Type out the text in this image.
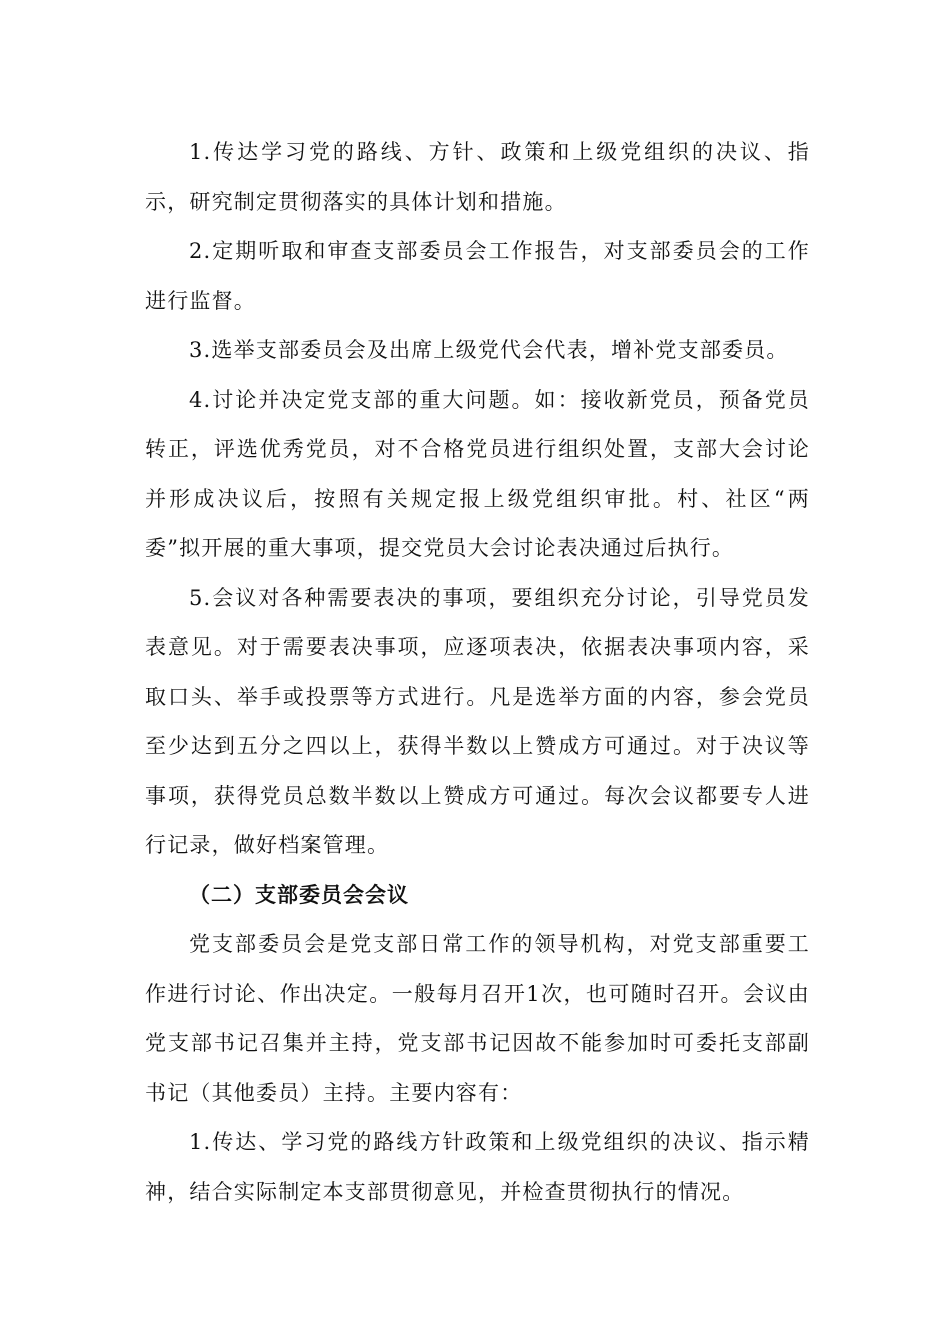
1.传达学习党的路线、方针、政策和上级党组织的决议、指示，研究制定贯彻落实的具体计划和措施。

2.定期听取和审查支部委员会工作报告，对支部委员会的工作进行监督。

3.选举支部委员会及出席上级党代会代表，增补党支部委员。

4.讨论并决定党支部的重大问题。如：接收新党员，预备党员转正，评选优秀党员，对不合格党员进行组织处置，支部大会讨论并形成决议后，按照有关规定报上级党组织审批。村、社区“两委”拟开展的重大事项，提交党员大会讨论表决通过后执行。

5.会议对各种需要表决的事项，要组织充分讨论，引导党员发表意见。对于需要表决事项，应逐项表决，依据表决事项内容，采取口头、举手或投票等方式进行。凡是选举方面的内容，参会党员至少达到五分之四以上，获得半数以上赞成方可通过。对于决议等事项，获得党员总数半数以上赞成方可通过。每次会议都要专人进行记录，做好档案管理。

（二）支部委员会会议

党支部委员会是党支部日常工作的领导机构，对党支部重要工作进行讨论、作出决定。一般每月召开1次，也可随时召开。会议由党支部书记召集并主持，党支部书记因故不能参加时可委托支部副书记（其他委员）主持。主要内容有：

1.传达、学习党的路线方针政策和上级党组织的决议、指示精神，结合实际制定本支部贯彻意见，并检查贯彻执行的情况。
